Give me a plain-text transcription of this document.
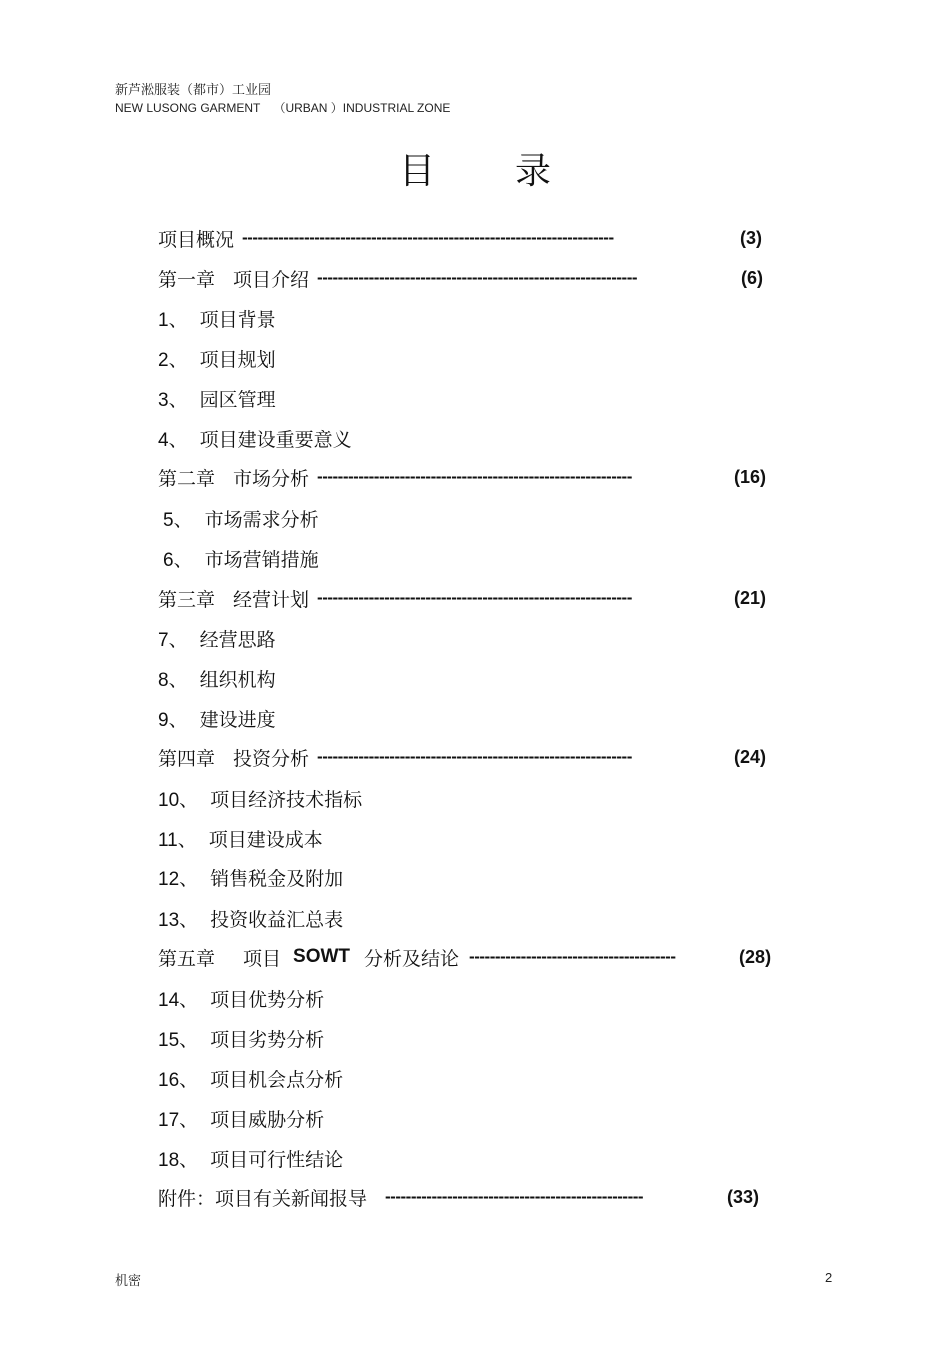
新芦淞服装（都市）工业园
NEW LUSONG GARMENT    （URBAN ）INDUSTRIAL ZONE
目录
项目概况 ------------------------------------------------------------------------	(3)
第一章 项目介绍 --------------------------------------------------------------	(6)
1、 项目背景
2、 项目规划
3、 园区管理
4、 项目建设重要意义
第二章 市场分析 -------------------------------------------------------------	(16)
5、 市场需求分析
6、 市场营销措施
第三章 经营计划 -------------------------------------------------------------	(21)
7、 经营思路
8、 组织机构
9、 建设进度
第四章 投资分析 -------------------------------------------------------------	(24)
10、 项目经济技术指标
11、 项目建设成本
12、 销售税金及附加
13、 投资收益汇总表
第五章 项目 SOWT 分析及结论 ----------------------------------------	(28)
14、 项目优势分析
15、 项目劣势分析
16、 项目机会点分析
17、 项目威胁分析
18、 项目可行性结论
附件：项目有关新闻报导 --------------------------------------------------	(33)
机密	2
